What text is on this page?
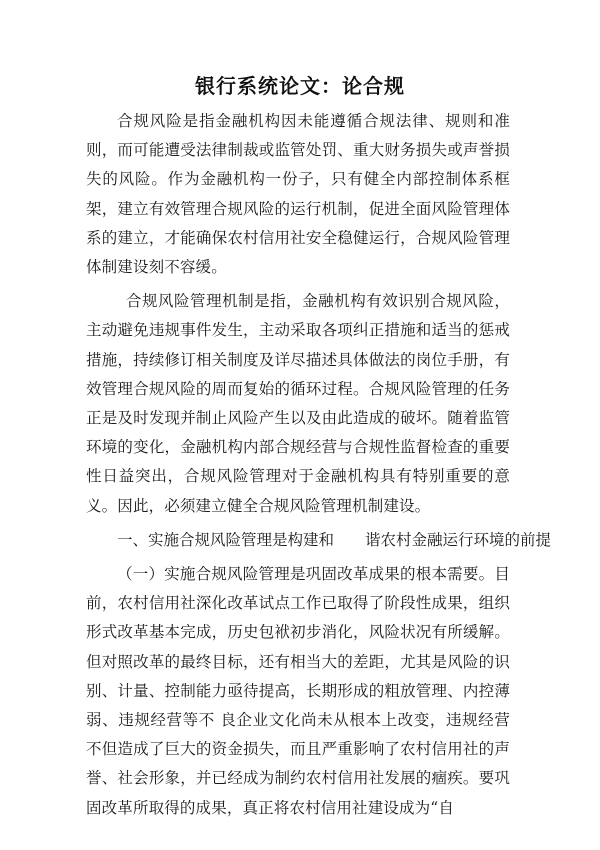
银行系统论文：论合规

合规风险是指金融机构因未能遵循合规法律、规则和准则，而可能遭受法律制裁或监管处罚、重大财务损失或声誉损失的风险。作为金融机构一份子，只有健全内部控制体系框架，建立有效管理合规风险的运行机制，促进全面风险管理体系的建立，才能确保农村信用社安全稳健运行，合规风险管理体制建设刻不容缓。

合规风险管理机制是指，金融机构有效识别合规风险，主动避免违规事件发生，主动采取各项纠正措施和适当的惩戒措施，持续修订相关制度及详尽描述具体做法的岗位手册，有效管理合规风险的周而复始的循环过程。合规风险管理的任务正是及时发现并制止风险产生以及由此造成的破坏。随着监管环境的变化，金融机构内部合规经营与合规性监督检查的重要性日益突出，合规风险管理对于金融机构具有特别重要的意义。因此，必须建立健全合规风险管理机制建设。

一、实施合规风险管理是构建和　　谐农村金融运行环境的前提

（一）实施合规风险管理是巩固改革成果的根本需要。目前，农村信用社深化改革试点工作已取得了阶段性成果，组织形式改革基本完成，历史包袱初步消化，风险状况有所缓解。但对照改革的最终目标，还有相当大的差距，尤其是风险的识别、计量、控制能力亟待提高，长期形成的粗放管理、内控薄弱、违规经营等不 良企业文化尚未从根本上改变，违规经营不但造成了巨大的资金损失，而且严重影响了农村信用社的声誉、社会形象，并已经成为制约农村信用社发展的痼疾。要巩固改革所取得的成果，真正将农村信用社建设成为“自
